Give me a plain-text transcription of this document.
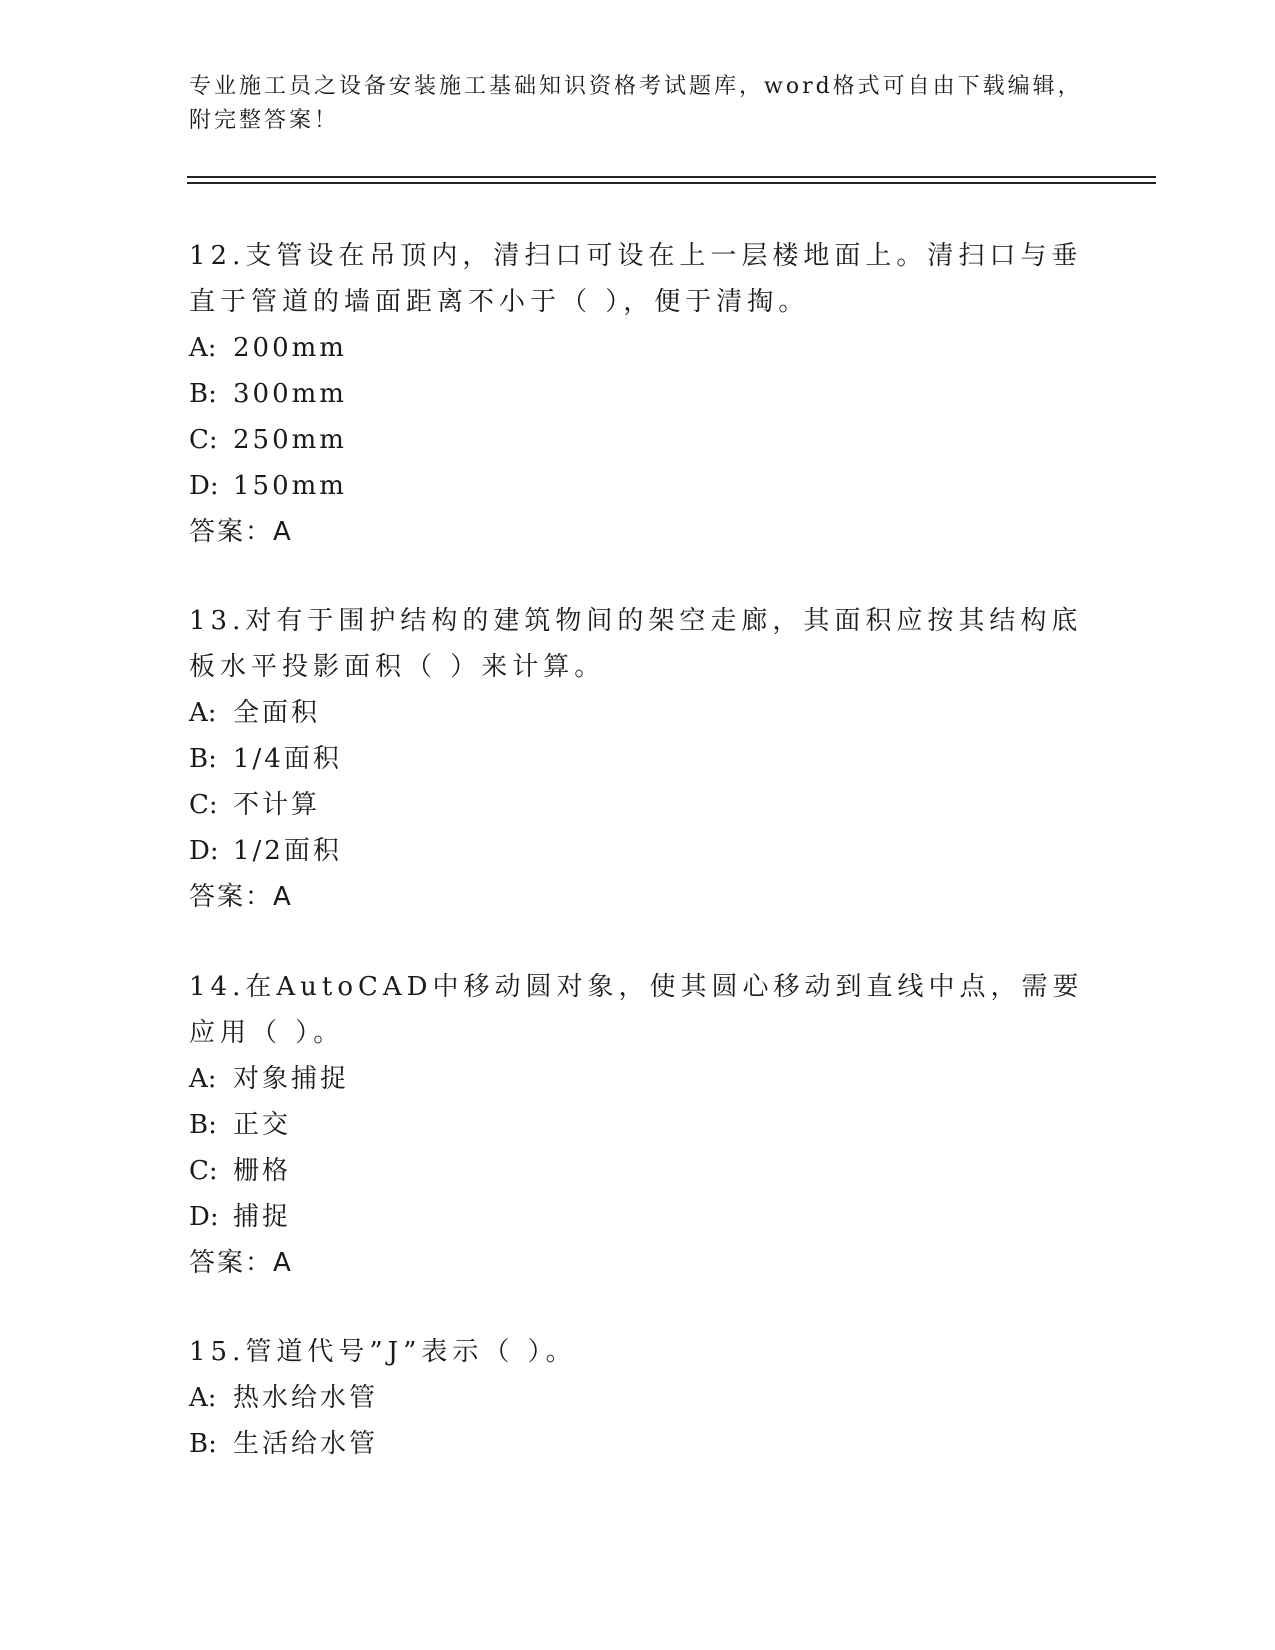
专业施工员之设备安装施工基础知识资格考试题库，word格式可自由下载编辑，
附完整答案！

12.支管设在吊顶内，清扫口可设在上一层楼地面上。清扫口与垂直于管道的墙面距离不小于（ ），便于清掏。

A: 200mm

B: 300mm

C: 250mm

D: 150mm

答案：A

13.对有于围护结构的建筑物间的架空走廊，其面积应按其结构底板水平投影面积（ ）来计算。

A: 全面积

B: 1/4面积

C: 不计算

D: 1/2面积

答案：A

14.在AutoCAD中移动圆对象，使其圆心移动到直线中点，需要应用（ ）。

A: 对象捕捉

B: 正交

C: 栅格

D: 捕捉

答案：A

15.管道代号”J”表示（ ）。

A: 热水给水管

B: 生活给水管
